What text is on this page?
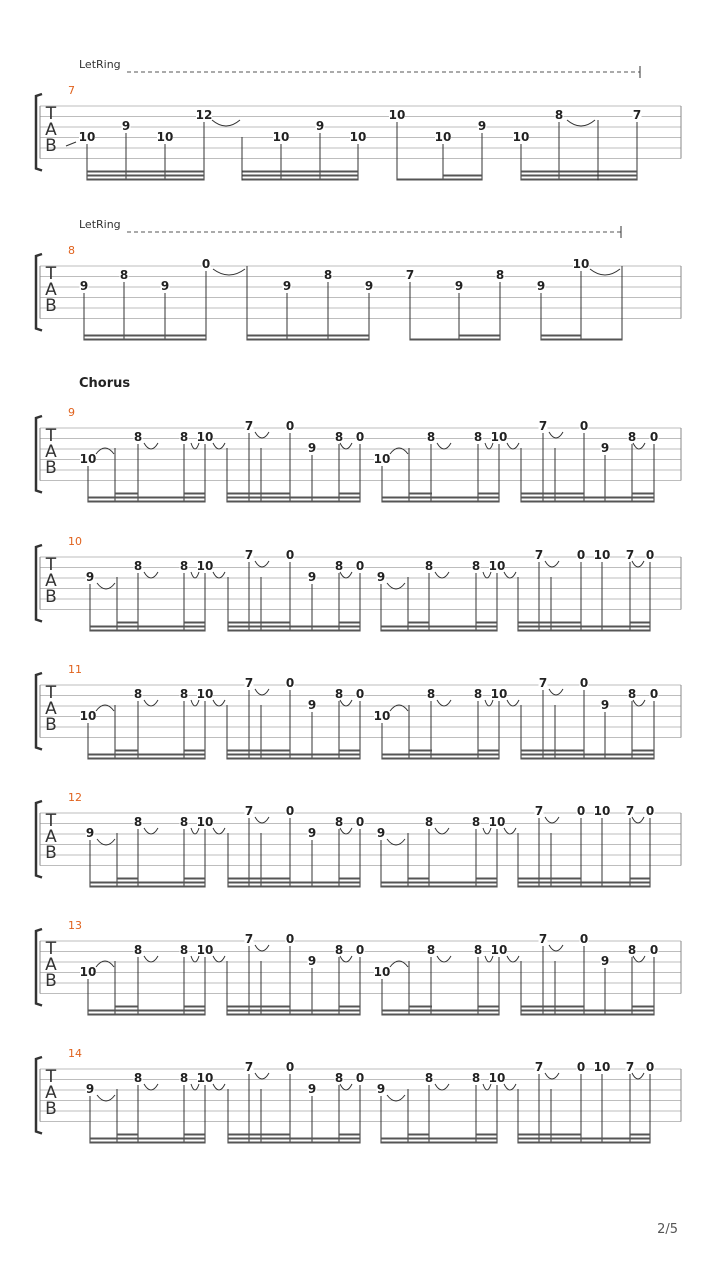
LetRing
T
A
B
7
10
9
10
12
10
9
10
10
10
9
10
8	7
LetRing
T
A
B
8
9
8
9
0
9
8
9
7
9
8
9
10
Chorus
T
A
B
9
10
8	8 10
7	0
9
8 0
10
8	8 10
7	0
9
8 0
T
A
B
10
9
8	8 10
7	0
9
8 0
9
8	8 10
7	0 10 7 0
T
A
B
11
10
8	8 10
7	0
9
8 0
10
8	8 10
7	0
9
8 0
T
A
B
12
9
8	8 10
7	0
9
8 0
9
8	8 10
7	0 10 7 0
T
A
B
13
10
8	8 10
7	0
9
8 0
10
8	8 10
7	0
9
8 0
T
A
B
14
9
8	8 10
7	0
9
8 0
9
8	8 10
7	0 10 7 0
2/5
